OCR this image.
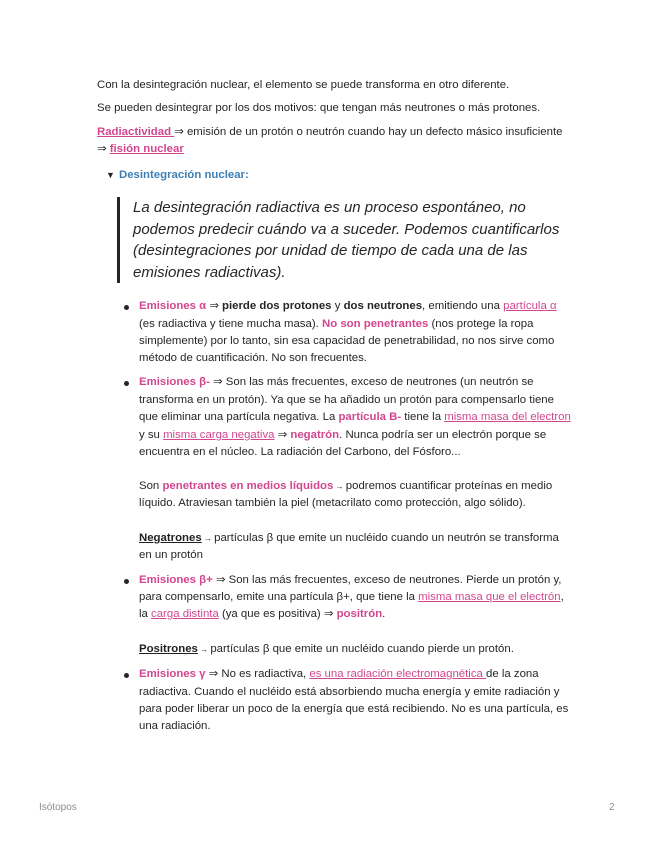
Con la desintegración nuclear, el elemento se puede transforma en otro diferente.

Se pueden desintegrar por los dos motivos: que tengan más neutrones o más protones.

Radiactividad ⇒ emisión de un protón o neutrón cuando hay un defecto másico insuficiente

⇒ fisión nuclear

▼ Desintegración nuclear:

La desintegración radiactiva es un proceso espontáneo, no podemos predecir cuándo va a suceder. Podemos cuantificarlos (desintegraciones por unidad de tiempo de cada una de las emisiones radiactivas).

Emisiones α ⇒ pierde dos protones y dos neutrones, emitiendo una partícula α

(es radiactiva y tiene mucha masa). No son penetrantes (nos protege la ropa

simplemente) por lo tanto, sin esa capacidad de penetrabilidad, no nos sirve como

método de cuantificación. No son frecuentes.

Emisiones β- ⇒ Son las más frecuentes, exceso de neutrones (un neutrón se

transforma en un protón). Ya que se ha añadido un protón para compensarlo tiene

que eliminar una partícula negativa. La partícula B- tiene la misma masa del electron

y su misma carga negativa ⇒ negatrón. Nunca podría ser un electrón porque se

encuentra en el núcleo. La radiación del Carbono, del Fósforo...

Son penetrantes en medios líquidos → podremos cuantificar proteínas en medio

líquido. Atraviesan también la piel (metacrilato como protección, algo sólido).

Negatrones → partículas β que emite un nucléido cuando un neutrón se transforma

en un protón

Emisiones β+ ⇒ Son las más frecuentes, exceso de neutrones. Pierde un protón y,

para compensarlo, emite una partícula β+, que tiene la misma masa que el electrón,

la carga distinta (ya que es positiva) ⇒ positrón.

Positrones → partículas β que emite un nucléido cuando pierde un protón.

Emisiones γ ⇒ No es radiactiva, es una radiación electromagnética de la zona

radiactiva. Cuando el nucléido está absorbiendo mucha energía y emite radiación y

para poder liberar un poco de la energía que está recibiendo. No es una partícula, es

una radiación.

Isótopos	2
